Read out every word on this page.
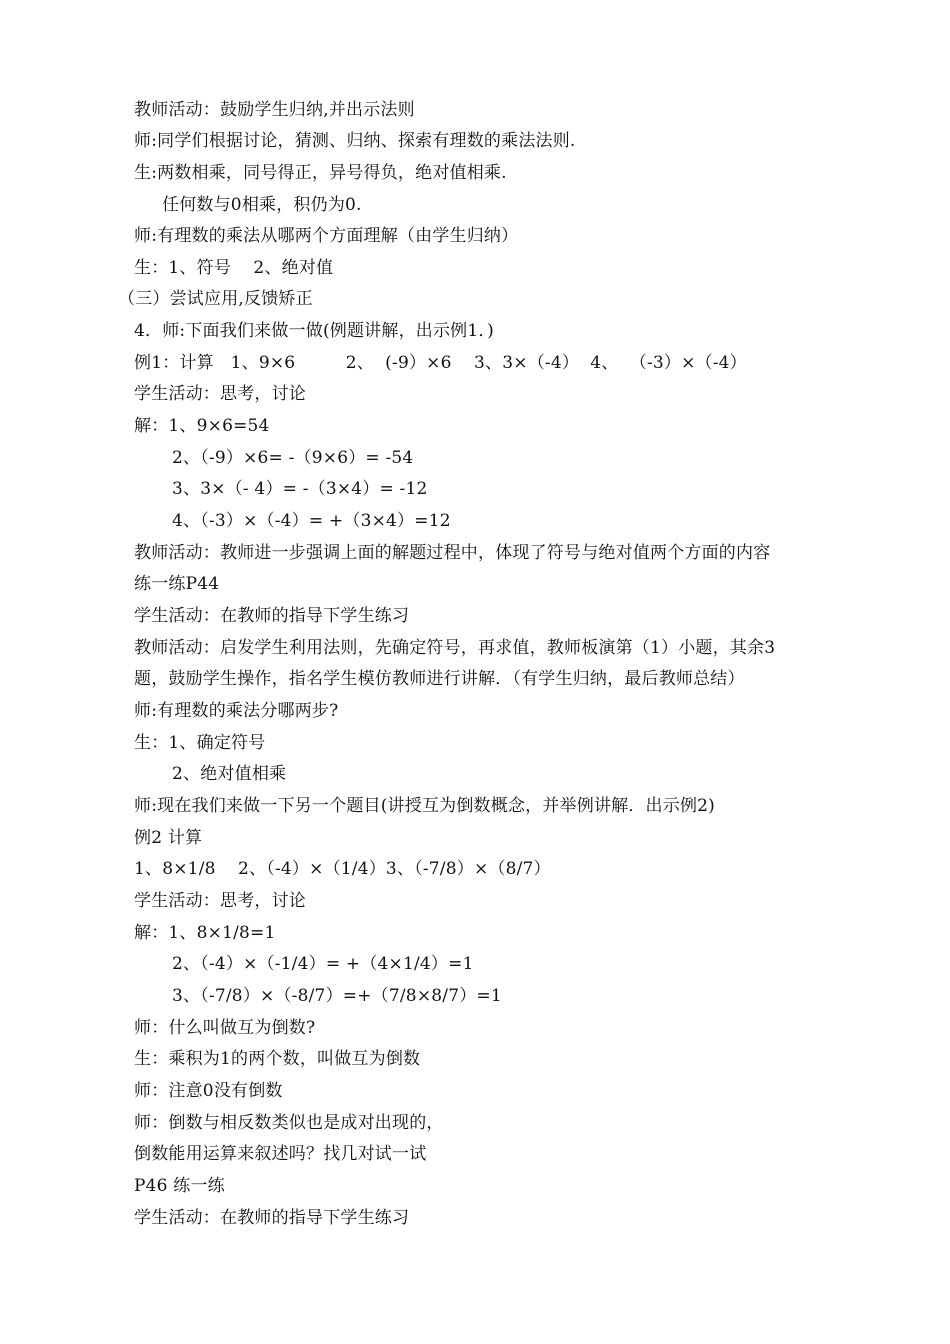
教师活动：鼓励学生归纳,并出示法则
师:同学们根据讨论，猜测、归纳、探索有理数的乘法法则.
生:两数相乘，同号得正，异号得负，绝对值相乘.
任何数与0相乘，积仍为0.
师:有理数的乘法从哪两个方面理解（由学生归纳）
生：1、符号    2、绝对值
（三）尝试应用,反馈矫正
4．师:下面我们来做一做(例题讲解，出示例1．)
例1：计算   1、9×6         2、  (-9）×6    3、3×（-4）  4、  （-3）×（-4）
学生活动：思考，讨论
解：1、9×6=54
2、（-9）×6= -（9×6）= -54
3、3×（- 4）= -（3×4）= -12
4、（-3）×（-4）= +（3×4）=12
教师活动：教师进一步强调上面的解题过程中，体现了符号与绝对值两个方面的内容
练一练P44
学生活动：在教师的指导下学生练习
教师活动：启发学生利用法则，先确定符号，再求值，教师板演第（1）小题，其余3
题，鼓励学生操作，指名学生模仿教师进行讲解．（有学生归纳，最后教师总结）
师:有理数的乘法分哪两步?
生：1、确定符号
2、绝对值相乘
师:现在我们来做一下另一个题目(讲授互为倒数概念，并举例讲解．出示例2)
例2 计算
1、8×1/8    2、（-4）×（1/4）3、（-7/8）×（8/7）
学生活动：思考，讨论
解：1、8×1/8=1
2、（-4）×（-1/4）= +（4×1/4）=1
3、（-7/8）×（-8/7）=+（7/8×8/7）=1
师：什么叫做互为倒数?
生：乘积为1的两个数，叫做互为倒数
师：注意0没有倒数
师：倒数与相反数类似也是成对出现的，
倒数能用运算来叙述吗？找几对试一试
P46 练一练
学生活动：在教师的指导下学生练习
